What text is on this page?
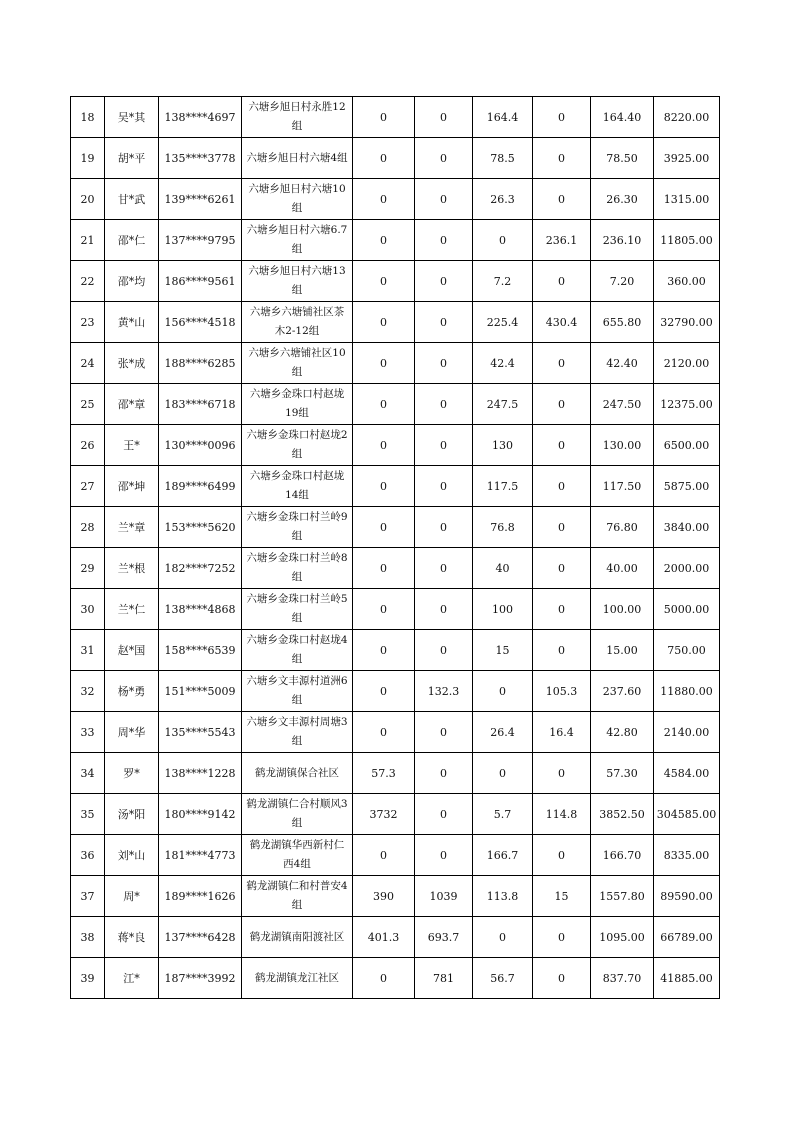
18	吴*其	138****4697	六塘乡旭日村永胜12组	0	0	164.4	0	164.40	8220.00
19	胡*平	135****3778	六塘乡旭日村六塘4组	0	0	78.5	0	78.50	3925.00
20	甘*武	139****6261	六塘乡旭日村六塘10组	0	0	26.3	0	26.30	1315.00
21	邵*仁	137****9795	六塘乡旭日村六塘6.7组	0	0	0	236.1	236.10	11805.00
22	邵*均	186****9561	六塘乡旭日村六塘13组	0	0	7.2	0	7.20	360.00
23	黄*山	156****4518	六塘乡六塘铺社区茶木2-12组	0	0	225.4	430.4	655.80	32790.00
24	张*成	188****6285	六塘乡六塘铺社区10组	0	0	42.4	0	42.40	2120.00
25	邵*章	183****6718	六塘乡金珠口村赵垅19组	0	0	247.5	0	247.50	12375.00
26	王*	130****0096	六塘乡金珠口村赵垅2组	0	0	130	0	130.00	6500.00
27	邵*坤	189****6499	六塘乡金珠口村赵垅14组	0	0	117.5	0	117.50	5875.00
28	兰*章	153****5620	六塘乡金珠口村兰岭9组	0	0	76.8	0	76.80	3840.00
29	兰*根	182****7252	六塘乡金珠口村兰岭8组	0	0	40	0	40.00	2000.00
30	兰*仁	138****4868	六塘乡金珠口村兰岭5组	0	0	100	0	100.00	5000.00
31	赵*国	158****6539	六塘乡金珠口村赵垅4组	0	0	15	0	15.00	750.00
32	杨*勇	151****5009	六塘乡文丰源村道洲6组	0	132.3	0	105.3	237.60	11880.00
33	周*华	135****5543	六塘乡文丰源村周塘3组	0	0	26.4	16.4	42.80	2140.00
34	罗*	138****1228	鹤龙湖镇保合社区	57.3	0	0	0	57.30	4584.00
35	汤*阳	180****9142	鹤龙湖镇仁合村顺风3组	3732	0	5.7	114.8	3852.50	304585.00
36	刘*山	181****4773	鹤龙湖镇华西新村仁西4组	0	0	166.7	0	166.70	8335.00
37	周*	189****1626	鹤龙湖镇仁和村普安4组	390	1039	113.8	15	1557.80	89590.00
38	蒋*良	137****6428	鹤龙湖镇南阳渡社区	401.3	693.7	0	0	1095.00	66789.00
39	江*	187****3992	鹤龙湖镇龙江社区	0	781	56.7	0	837.70	41885.00
